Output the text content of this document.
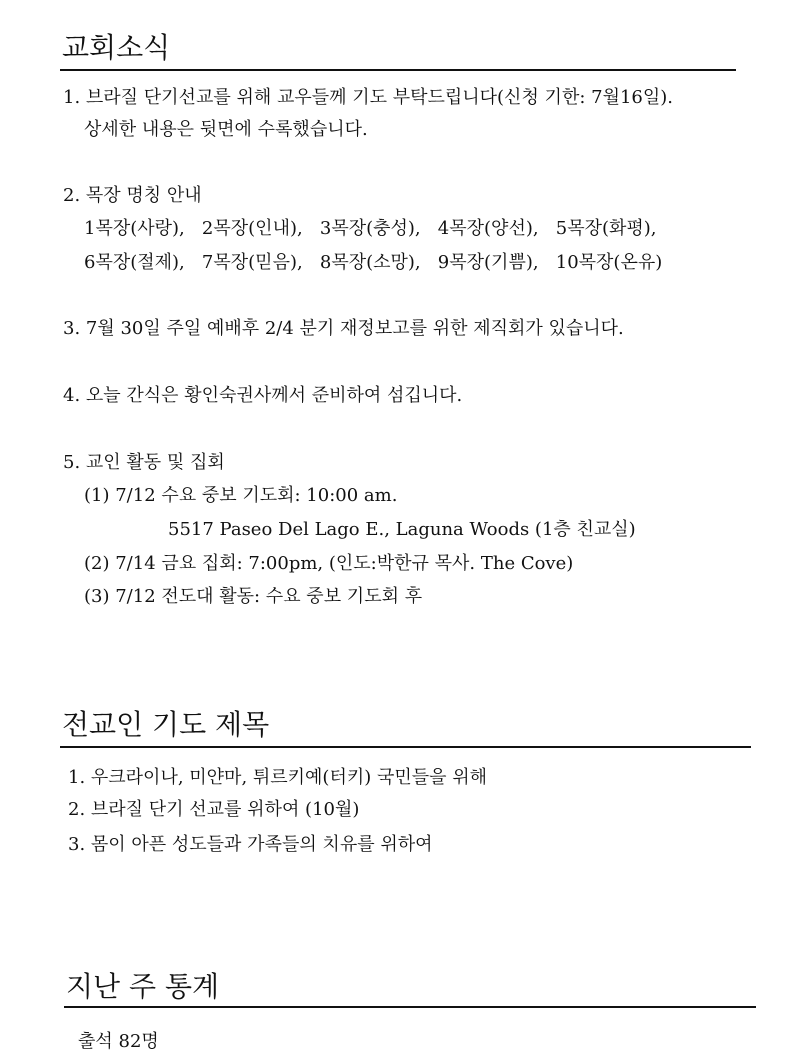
교회소식
1. 브라질 단기선교를 위해 교우들께 기도 부탁드립니다(신청 기한: 7월16일).
상세한 내용은 뒷면에 수록했습니다.
2. 목장 명칭 안내
1목장(사랑),   2목장(인내),   3목장(충성),   4목장(양선),   5목장(화평),
6목장(절제),   7목장(믿음),   8목장(소망),   9목장(기쁨),   10목장(온유)
3. 7월 30일 주일 예배후 2/4 분기 재정보고를 위한 제직회가 있습니다.
4. 오늘 간식은 황인숙권사께서 준비하여 섬깁니다.
5. 교인 활동 및 집회
(1) 7/12 수요 중보 기도회: 10:00 am.
5517 Paseo Del Lago E., Laguna Woods (1층 친교실)
(2) 7/14 금요 집회: 7:00pm, (인도:박한규 목사. The Cove)
(3) 7/12 전도대 활동: 수요 중보 기도회 후
전교인 기도 제목
1. 우크라이나, 미얀마, 튀르키예(터키) 국민들을 위해
2. 브라질 단기 선교를 위하여 (10월)
3. 몸이 아픈 성도들과 가족들의 치유를 위하여
지난 주 통계
출석 82명
